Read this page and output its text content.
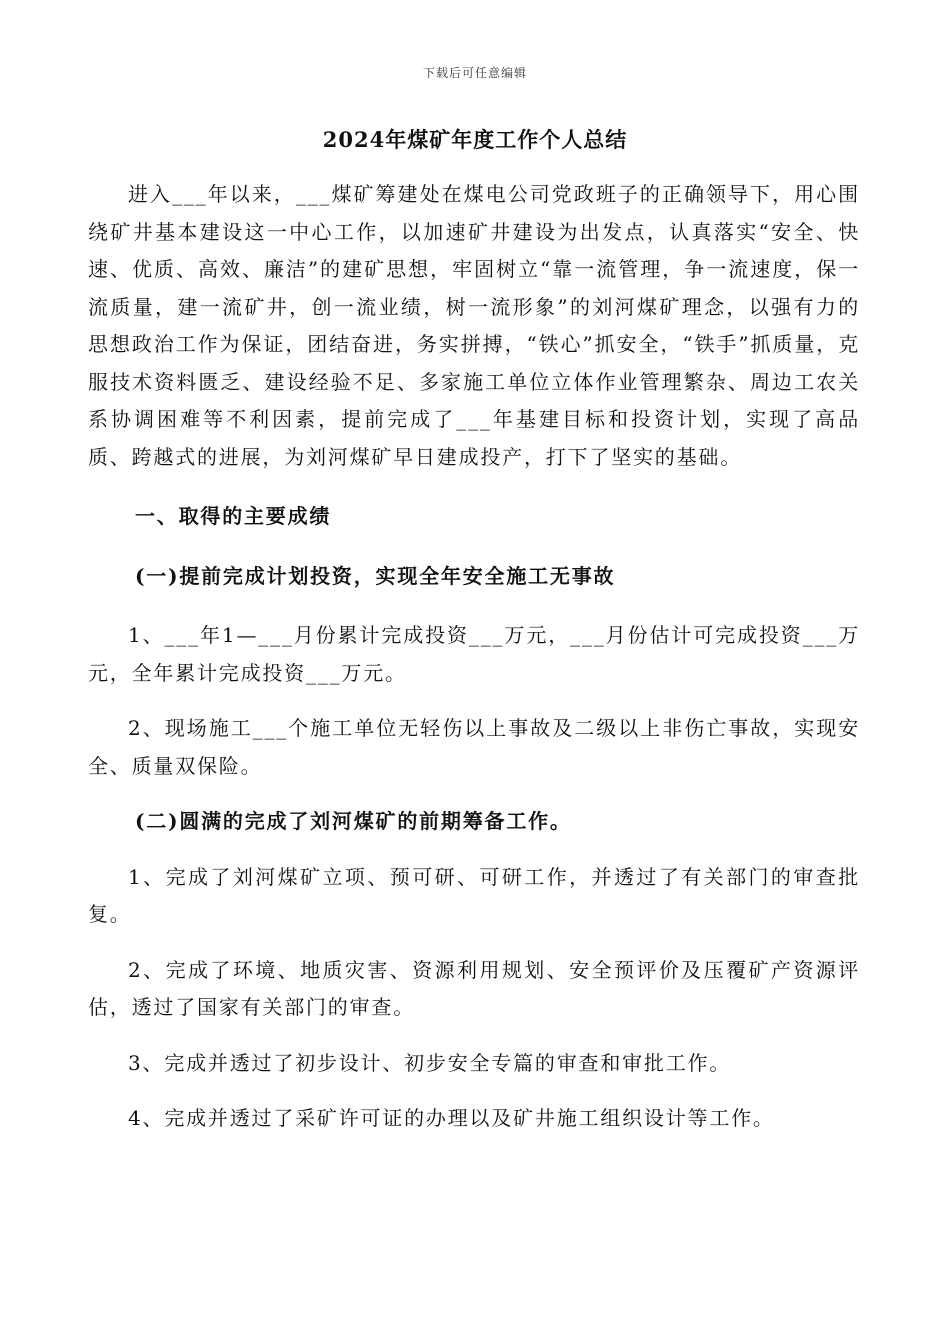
下载后可任意编辑
2024年煤矿年度工作个人总结

进入___年以来，___煤矿筹建处在煤电公司党政班子的正确领导下，用心围绕矿井基本建设这一中心工作，以加速矿井建设为出发点，认真落实“安全、快速、优质、高效、廉洁”的建矿思想，牢固树立“靠一流管理，争一流速度，保一流质量，建一流矿井，创一流业绩，树一流形象”的刘河煤矿理念，以强有力的思想政治工作为保证，团结奋进，务实拼搏，“铁心”抓安全，“铁手”抓质量，克服技术资料匮乏、建设经验不足、多家施工单位立体作业管理繁杂、周边工农关系协调困难等不利因素，提前完成了___年基建目标和投资计划，实现了高品质、跨越式的进展，为刘河煤矿早日建成投产，打下了坚实的基础。

一、取得的主要成绩

(一)提前完成计划投资，实现全年安全施工无事故

1、___年1—___月份累计完成投资___万元，___月份估计可完成投资___万元，全年累计完成投资___万元。

2、现场施工___个施工单位无轻伤以上事故及二级以上非伤亡事故，实现安全、质量双保险。

(二)圆满的完成了刘河煤矿的前期筹备工作。

1、完成了刘河煤矿立项、预可研、可研工作，并透过了有关部门的审查批复。

2、完成了环境、地质灾害、资源利用规划、安全预评价及压覆矿产资源评估，透过了国家有关部门的审查。

3、完成并透过了初步设计、初步安全专篇的审查和审批工作。

4、完成并透过了采矿许可证的办理以及矿井施工组织设计等工作。
